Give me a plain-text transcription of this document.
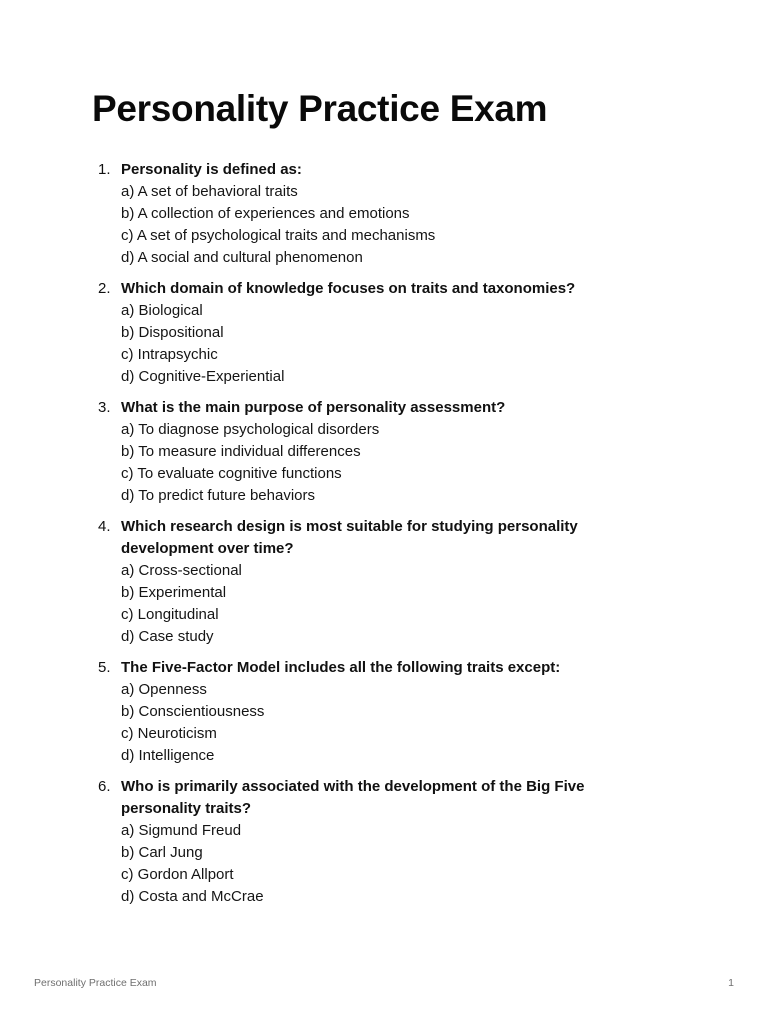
Personality Practice Exam
1. Personality is defined as:

a) A set of behavioral traits
b) A collection of experiences and emotions
c) A set of psychological traits and mechanisms
d) A social and cultural phenomenon
2. Which domain of knowledge focuses on traits and taxonomies?

a) Biological
b) Dispositional
c) Intrapsychic
d) Cognitive-Experiential
3. What is the main purpose of personality assessment?

a) To diagnose psychological disorders
b) To measure individual differences
c) To evaluate cognitive functions
d) To predict future behaviors
4. Which research design is most suitable for studying personality development over time?

a) Cross-sectional
b) Experimental
c) Longitudinal
d) Case study
5. The Five-Factor Model includes all the following traits except:

a) Openness
b) Conscientiousness
c) Neuroticism
d) Intelligence
6. Who is primarily associated with the development of the Big Five personality traits?

a) Sigmund Freud
b) Carl Jung
c) Gordon Allport
d) Costa and McCrae
Personality Practice Exam	1
